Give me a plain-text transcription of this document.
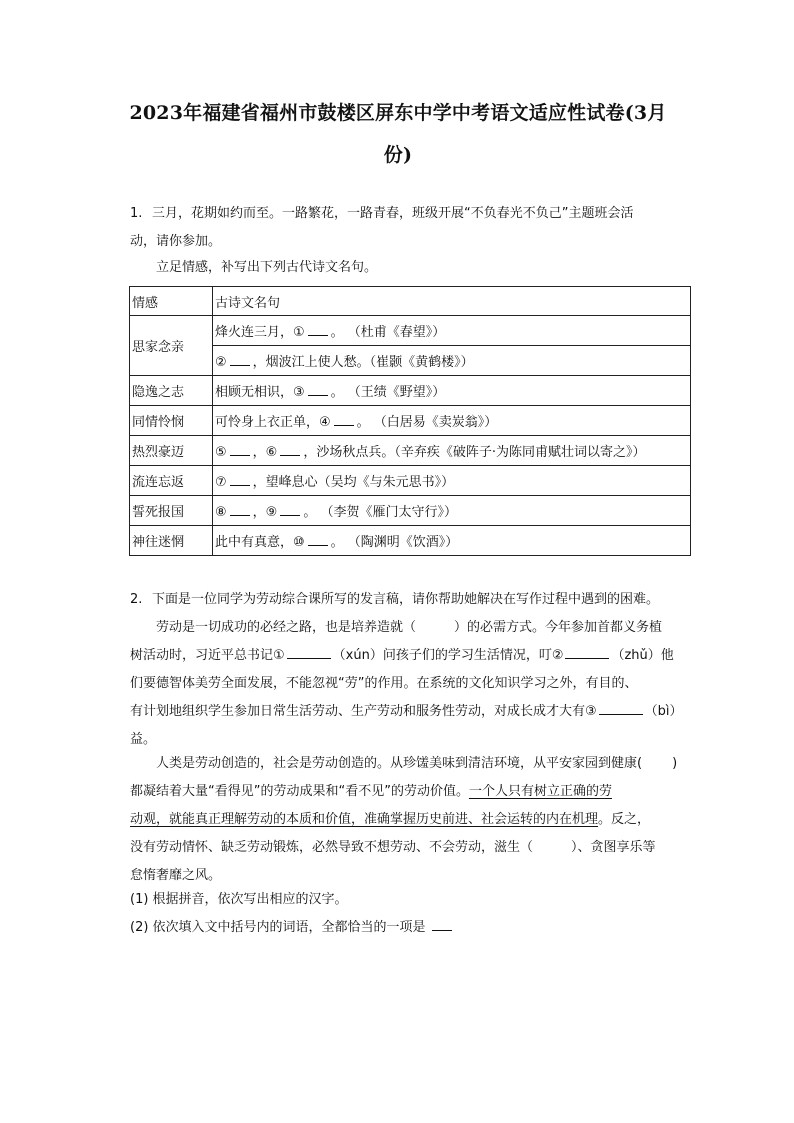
2023年福建省福州市鼓楼区屏东中学中考语文适应性试卷(3月
份)
1. 三月，花期如约而至。一路繁花，一路青春，班级开展“不负春光不负己”主题班会活
动，请你参加。
立足情感，补写出下列古代诗文名句。
情感	古诗文名句
思家念亲	烽火连三月，① 。 （杜甫《春望》）
	② ，烟波江上使人愁。（崔颢《黄鹤楼》）
隐逸之志	相顾无相识，③ 。 （王绩《野望》）
同情怜悯	可怜身上衣正单，④ 。 （白居易《卖炭翁》）
热烈豪迈	⑤ ，⑥ ，沙场秋点兵。（辛弃疾《破阵子·为陈同甫赋壮词以寄之》）
流连忘返	⑦ ，望峰息心（吴均《与朱元思书》）
誓死报国	⑧ ，⑨ 。 （李贺《雁门太守行》）
神往迷惘	此中有真意，⑩ 。 （陶渊明《饮酒》）
2. 下面是一位同学为劳动综合课所写的发言稿，请你帮助她解决在写作过程中遇到的困难。
劳动是一切成功的必经之路，也是培养造就（	）的必需方式。今年参加首都义务植
树活动时，习近平总书记①	（xún）问孩子们的学习生活情况，叮②	（zhǔ）他
们要德智体美劳全面发展，不能忽视“劳”的作用。在系统的文化知识学习之外，有目的、
有计划地组织学生参加日常生活劳动、生产劳动和服务性劳动，对成长成才大有③	（bì）
益。
人类是劳动创造的，社会是劳动创造的。从珍馐美味到清洁环境，从平安家园到健康( )
都凝结着大量“看得见”的劳动成果和“看不见”的劳动价值。一个人只有树立正确的劳
动观，就能真正理解劳动的本质和价值，准确掌握历史前进、社会运转的内在机理。反之，
没有劳动情怀、缺乏劳动锻炼，必然导致不想劳动、不会劳动，滋生（	）、贪图享乐等
怠惰奢靡之风。
(1) 根据拼音，依次写出相应的汉字。
(2) 依次填入文中括号内的词语，全都恰当的一项是
